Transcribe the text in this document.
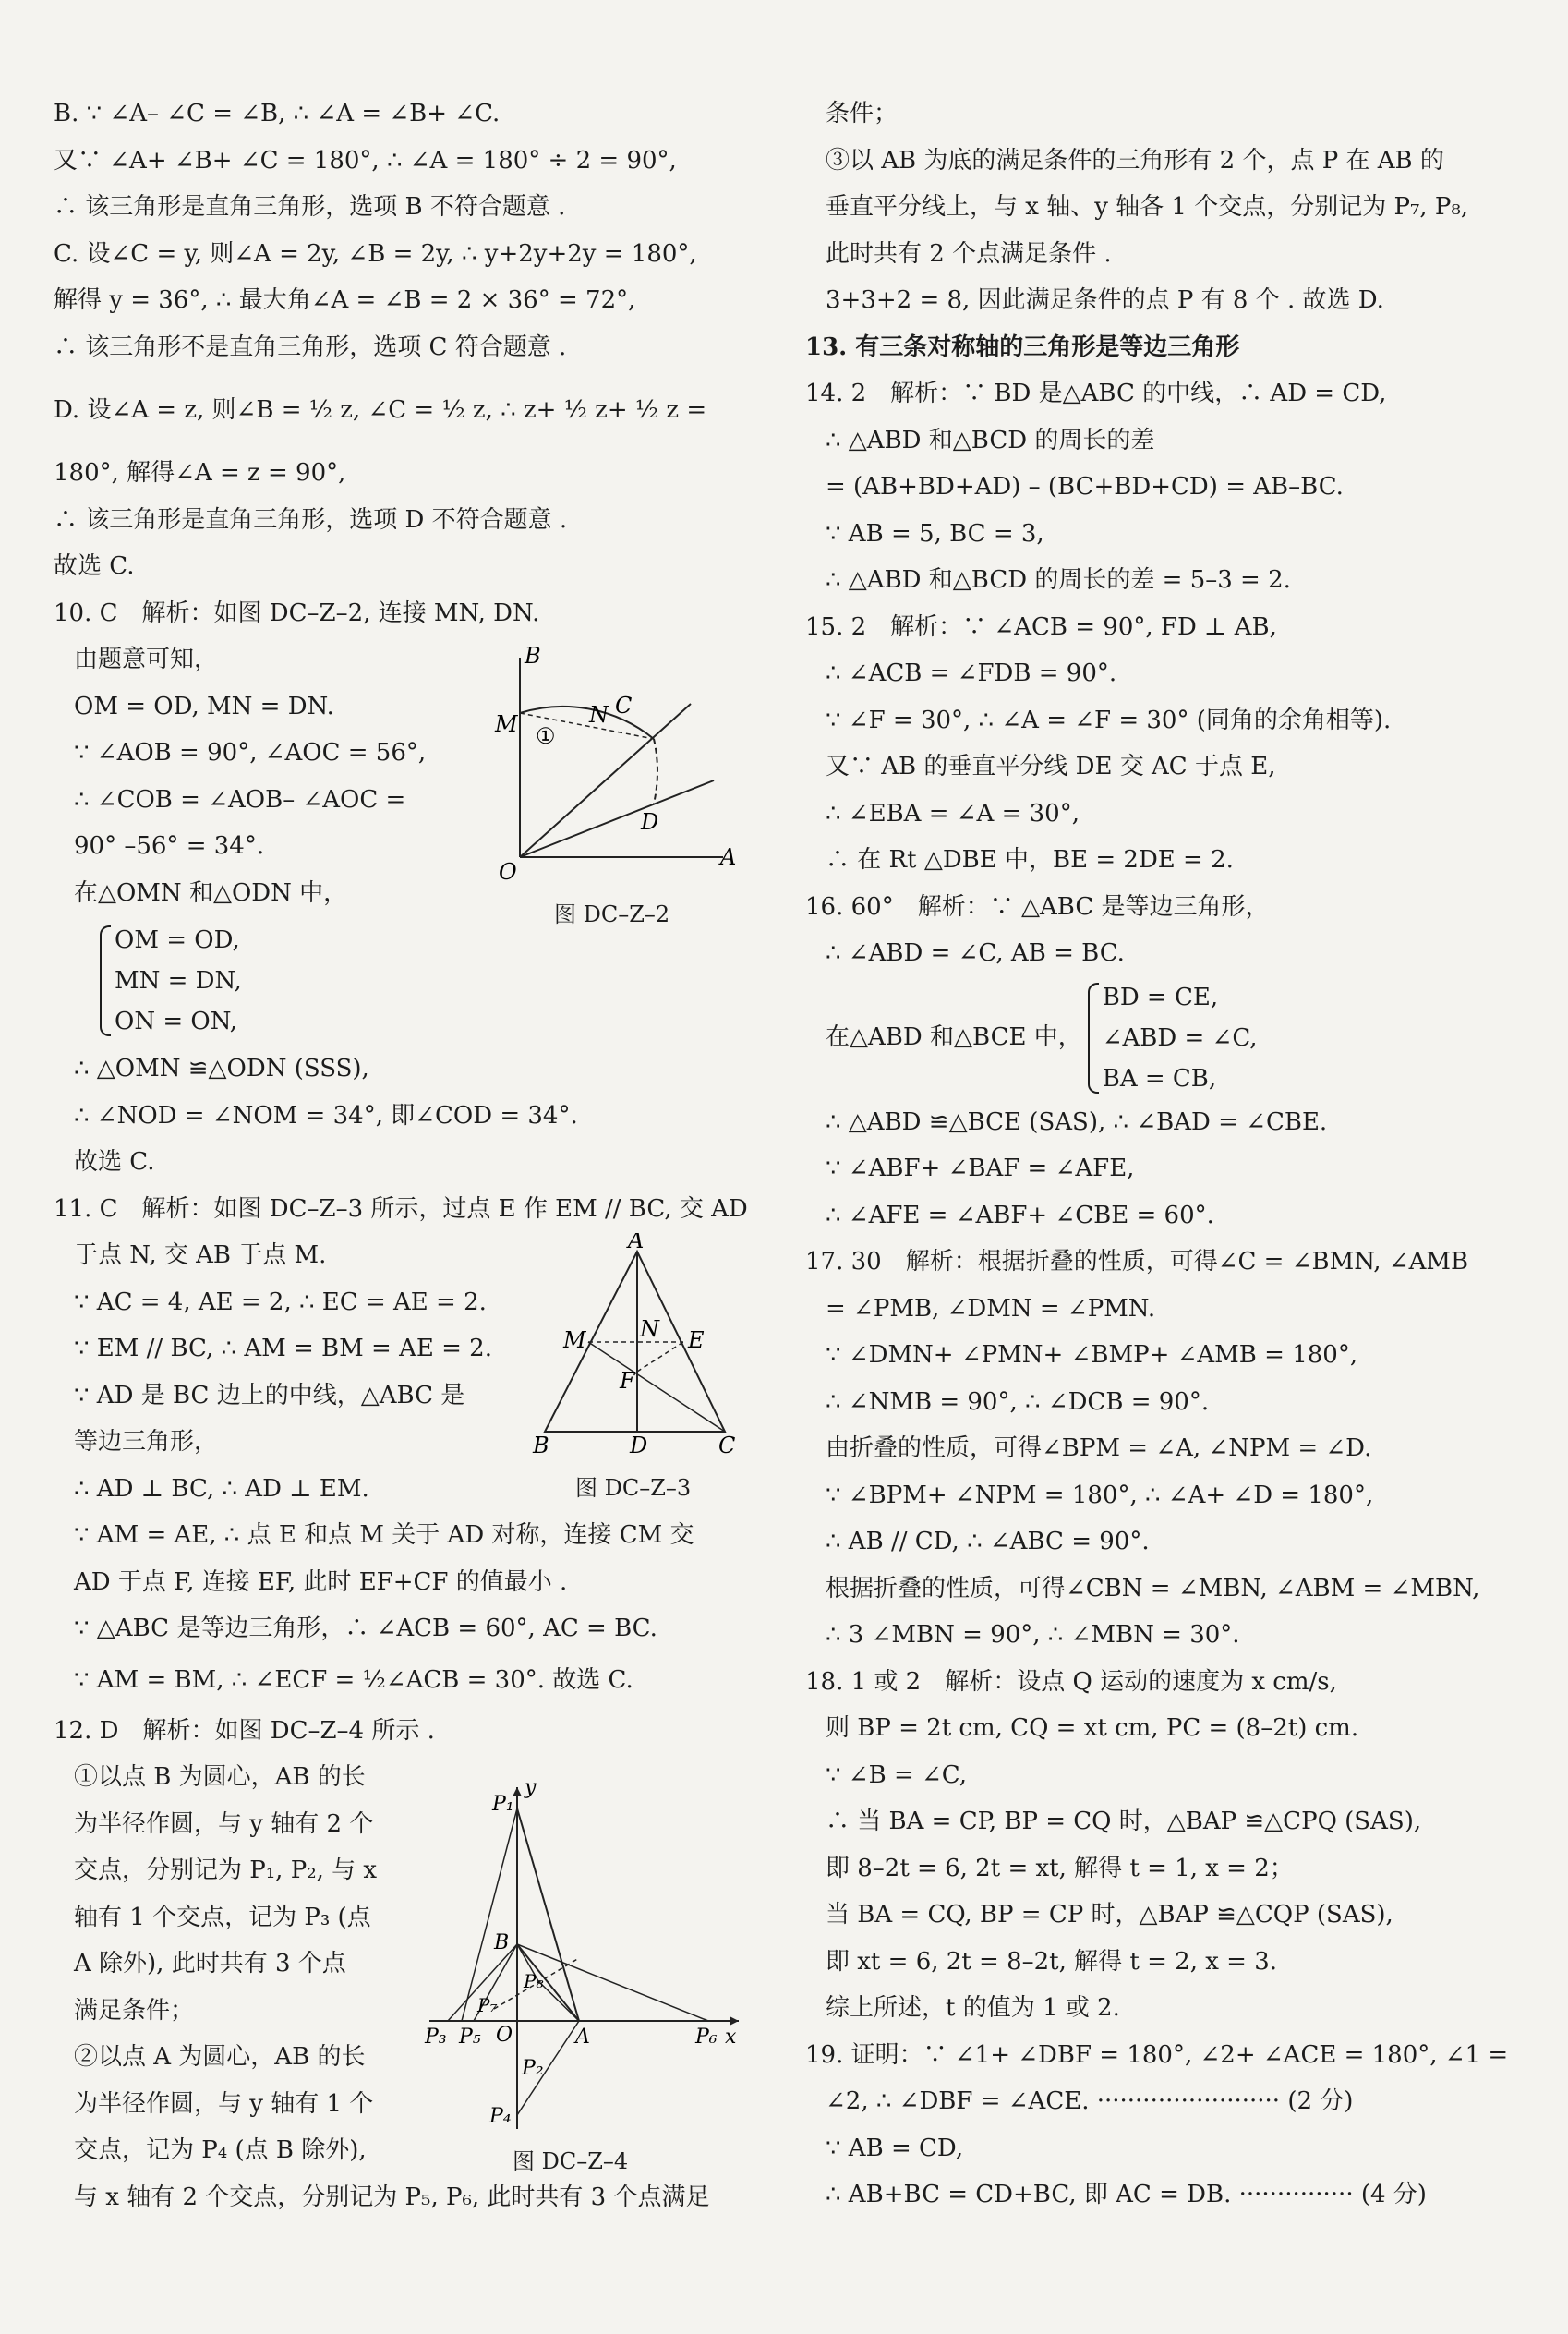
B. ∵ ∠A– ∠C = ∠B, ∴ ∠A = ∠B+ ∠C.
又∵ ∠A+ ∠B+ ∠C = 180°, ∴ ∠A = 180° ÷ 2 = 90°,
∴ 该三角形是直角三角形，选项 B 不符合题意 .
C. 设∠C = y, 则∠A = 2y, ∠B = 2y, ∴ y+2y+2y = 180°,
解得 y = 36°, ∴ 最大角∠A = ∠B = 2 × 36° = 72°,
∴ 该三角形不是直角三角形，选项 C 符合题意 .
D. 设∠A = z, 则∠B = ½ z, ∠C = ½ z, ∴ z+ ½ z+ ½ z =
180°, 解得∠A = z = 90°,
∴ 该三角形是直角三角形，选项 D 不符合题意 .
故选 C.
10. C　解析：如图 DC–Z–2, 连接 MN, DN.
由题意可知，
OM = OD, MN = DN.
∵ ∠AOB = 90°, ∠AOC = 56°,
∴ ∠COB = ∠AOB– ∠AOC =
90° –56° = 34°.
在△OMN 和△ODN 中，
OM = OD,
MN = DN,
ON = ON,
∴ △OMN ≌△ODN (SSS),
∴ ∠NOD = ∠NOM = 34°, 即∠COD = 34°.
故选 C.
11. C　解析：如图 DC–Z–3 所示，过点 E 作 EM // BC, 交 AD
于点 N, 交 AB 于点 M.
∵ AC = 4, AE = 2, ∴ EC = AE = 2.
∵ EM // BC, ∴ AM = BM = AE = 2.
∵ AD 是 BC 边上的中线，△ABC 是
等边三角形，
∴ AD ⊥ BC, ∴ AD ⊥ EM.
∵ AM = AE, ∴ 点 E 和点 M 关于 AD 对称，连接 CM 交
AD 于点 F, 连接 EF, 此时 EF+CF 的值最小 .
∵ △ABC 是等边三角形，∴ ∠ACB = 60°, AC = BC.
∵ AM = BM, ∴ ∠ECF = ½∠ACB = 30°. 故选 C.
12. D　解析：如图 DC–Z–4 所示 .
①以点 B 为圆心，AB 的长
为半径作圆，与 y 轴有 2 个
交点，分别记为 P₁, P₂, 与 x
轴有 1 个交点，记为 P₃ (点
A 除外), 此时共有 3 个点
满足条件；
②以点 A 为圆心，AB 的长
为半径作圆，与 y 轴有 1 个
交点，记为 P₄ (点 B 除外),
与 x 轴有 2 个交点，分别记为 P₅, P₆, 此时共有 3 个点满足
条件；
③以 AB 为底的满足条件的三角形有 2 个，点 P 在 AB 的
垂直平分线上，与 x 轴、y 轴各 1 个交点，分别记为 P₇, P₈,
此时共有 2 个点满足条件 .
3+3+2 = 8, 因此满足条件的点 P 有 8 个 . 故选 D.
13. 有三条对称轴的三角形是等边三角形
14. 2　解析：∵ BD 是△ABC 的中线，∴ AD = CD,
∴ △ABD 和△BCD 的周长的差
= (AB+BD+AD) – (BC+BD+CD) = AB–BC.
∵ AB = 5, BC = 3,
∴ △ABD 和△BCD 的周长的差 = 5–3 = 2.
15. 2　解析：∵ ∠ACB = 90°, FD ⊥ AB,
∴ ∠ACB = ∠FDB = 90°.
∵ ∠F = 30°, ∴ ∠A = ∠F = 30° (同角的余角相等).
又∵ AB 的垂直平分线 DE 交 AC 于点 E,
∴ ∠EBA = ∠A = 30°,
∴ 在 Rt △DBE 中，BE = 2DE = 2.
16. 60°　解析：∵ △ABC 是等边三角形，
∴ ∠ABD = ∠C, AB = BC.
在△ABD 和△BCE 中，
BD = CE,
∠ABD = ∠C,
BA = CB,
∴ △ABD ≌△BCE (SAS), ∴ ∠BAD = ∠CBE.
∵ ∠ABF+ ∠BAF = ∠AFE,
∴ ∠AFE = ∠ABF+ ∠CBE = 60°.
17. 30　解析：根据折叠的性质，可得∠C = ∠BMN, ∠AMB
= ∠PMB, ∠DMN = ∠PMN.
∵ ∠DMN+ ∠PMN+ ∠BMP+ ∠AMB = 180°,
∴ ∠NMB = 90°, ∴ ∠DCB = 90°.
由折叠的性质，可得∠BPM = ∠A, ∠NPM = ∠D.
∵ ∠BPM+ ∠NPM = 180°, ∴ ∠A+ ∠D = 180°,
∴ AB // CD, ∴ ∠ABC = 90°.
根据折叠的性质，可得∠CBN = ∠MBN, ∠ABM = ∠MBN,
∴ 3 ∠MBN = 90°, ∴ ∠MBN = 30°.
18. 1 或 2　解析：设点 Q 运动的速度为 x cm/s,
则 BP = 2t cm, CQ = xt cm, PC = (8–2t) cm.
∵ ∠B = ∠C,
∴ 当 BA = CP, BP = CQ 时，△BAP ≌△CPQ (SAS),
即 8–2t = 6, 2t = xt, 解得 t = 1, x = 2；
当 BA = CQ, BP = CP 时，△BAP ≌△CQP (SAS),
即 xt = 6, 2t = 8–2t, 解得 t = 2, x = 3.
综上所述，t 的值为 1 或 2.
19. 证明：∵ ∠1+ ∠DBF = 180°, ∠2+ ∠ACE = 180°, ∠1 =
∠2, ∴ ∠DBF = ∠ACE. ························ (2 分)
∵ AB = CD,
∴ AB+BC = CD+BC, 即 AC = DB. ··············· (4 分)
B
N C
M ①
D
O
A
图 DC–Z–2
A
M N E
F
B	D	C
图 DC–Z–3
P₁
y
B
P₈
P₇
P₃ P₅ O	A	P₆ x
P₂
P₄
图 DC–Z–4
